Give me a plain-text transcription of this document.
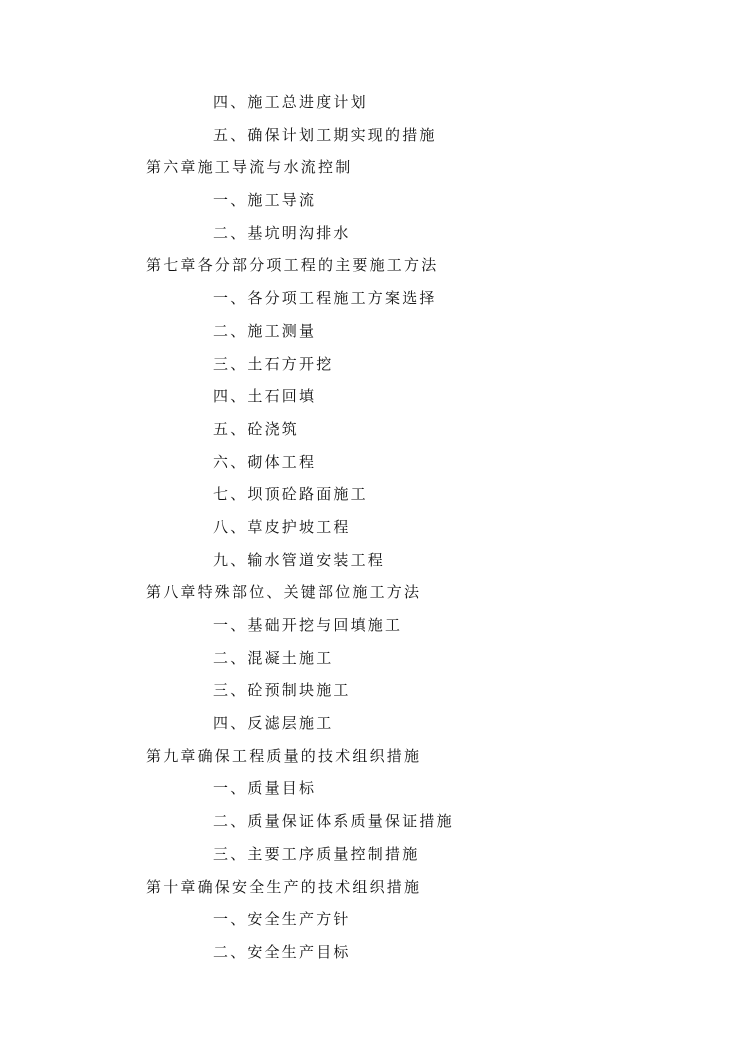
四、施工总进度计划
五、确保计划工期实现的措施
第六章施工导流与水流控制
一、施工导流
二、基坑明沟排水
第七章各分部分项工程的主要施工方法
一、各分项工程施工方案选择
二、施工测量
三、土石方开挖
四、土石回填
五、砼浇筑
六、砌体工程
七、坝顶砼路面施工
八、草皮护坡工程
九、输水管道安装工程
第八章特殊部位、关键部位施工方法
一、基础开挖与回填施工
二、混凝土施工
三、砼预制块施工
四、反滤层施工
第九章确保工程质量的技术组织措施
一、质量目标
二、质量保证体系质量保证措施
三、主要工序质量控制措施
第十章确保安全生产的技术组织措施
一、安全生产方针
二、安全生产目标
